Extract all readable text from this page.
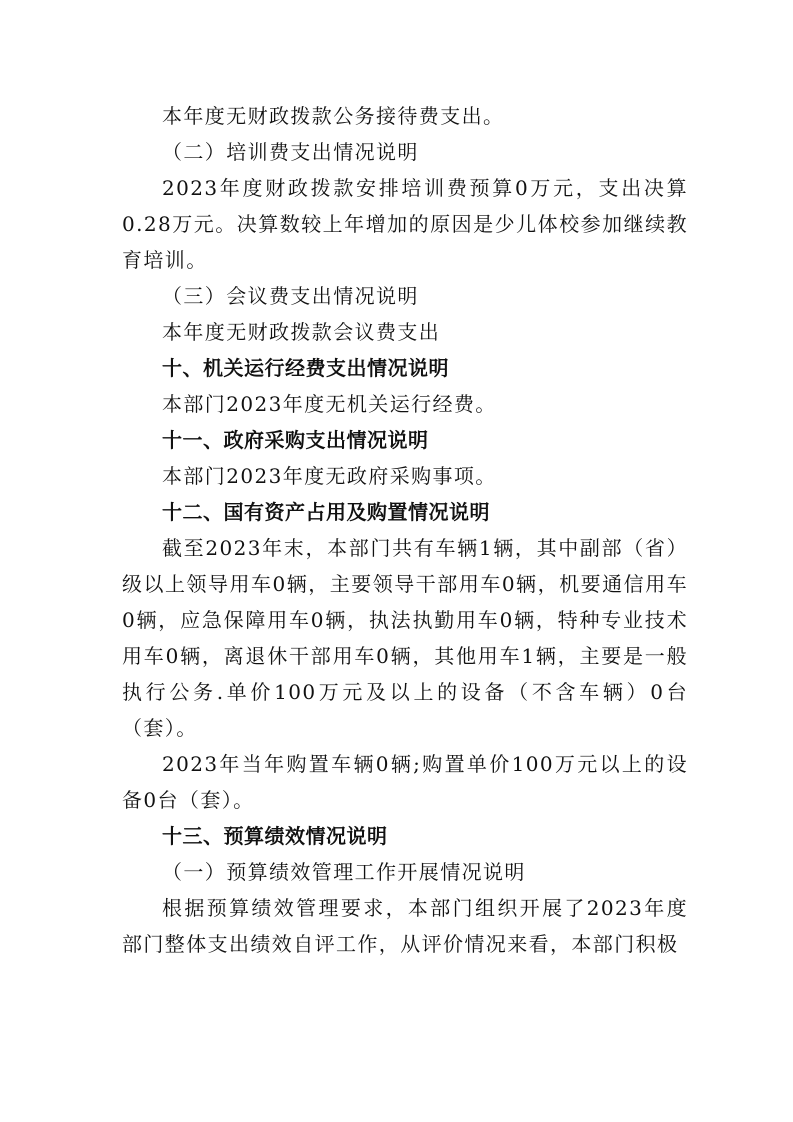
本年度无财政拨款公务接待费支出。

（二）培训费支出情况说明

2023年度财政拨款安排培训费预算0万元，支出决算0.28万元。决算数较上年增加的原因是少儿体校参加继续教育培训。

（三）会议费支出情况说明

本年度无财政拨款会议费支出

十、机关运行经费支出情况说明

本部门2023年度无机关运行经费。

十一、政府采购支出情况说明

本部门2023年度无政府采购事项。

十二、国有资产占用及购置情况说明

截至2023年末，本部门共有车辆1辆，其中副部（省）级以上领导用车0辆，主要领导干部用车0辆，机要通信用车0辆，应急保障用车0辆，执法执勤用车0辆，特种专业技术用车0辆，离退休干部用车0辆，其他用车1辆，主要是一般执行公务.单价100万元及以上的设备（不含车辆）0台（套）。

2023年当年购置车辆0辆;购置单价100万元以上的设备0台（套）。

十三、预算绩效情况说明

（一）预算绩效管理工作开展情况说明

根据预算绩效管理要求，本部门组织开展了2023年度部门整体支出绩效自评工作，从评价情况来看，本部门积极
